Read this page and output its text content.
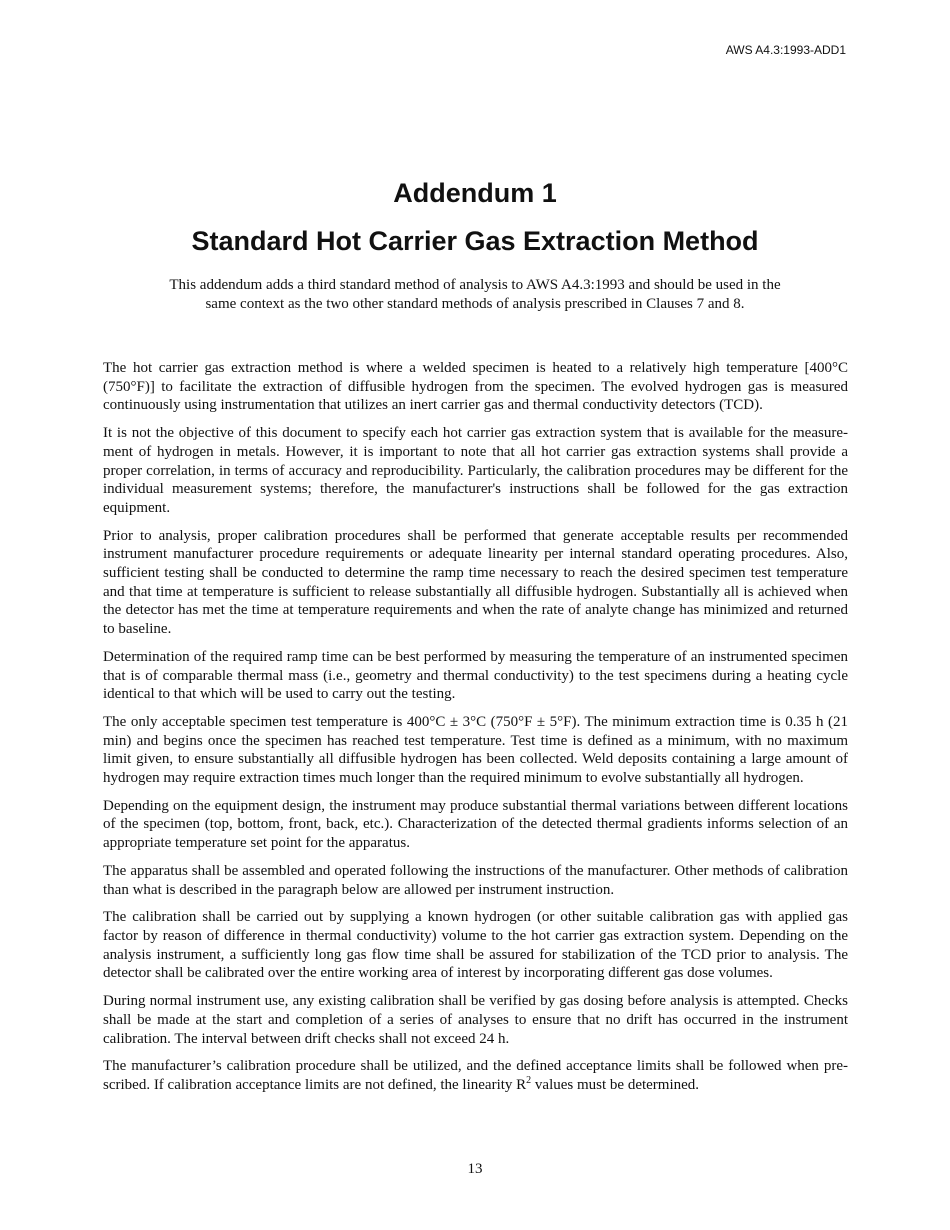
AWS A4.3:1993-ADD1
Addendum 1
Standard Hot Carrier Gas Extraction Method

This addendum adds a third standard method of analysis to AWS A4.3:1993 and should be used in the same context as the two other standard methods of analysis prescribed in Clauses 7 and 8.

The hot carrier gas extraction method is where a welded specimen is heated to a relatively high temperature [400°C (750°F)] to facilitate the extraction of diffusible hydrogen from the specimen. The evolved hydrogen gas is measured continuously using instrumentation that utilizes an inert carrier gas and thermal conductivity detectors (TCD).

It is not the objective of this document to specify each hot carrier gas extraction system that is available for the measurement of hydrogen in metals. However, it is important to note that all hot carrier gas extraction systems shall provide a proper correlation, in terms of accuracy and reproducibility. Particularly, the calibration procedures may be different for the individual measurement systems; therefore, the manufacturer's instructions shall be followed for the gas extraction equipment.

Prior to analysis, proper calibration procedures shall be performed that generate acceptable results per recommended instrument manufacturer procedure requirements or adequate linearity per internal standard operating procedures. Also, sufficient testing shall be conducted to determine the ramp time necessary to reach the desired specimen test temperature and that time at temperature is sufficient to release substantially all diffusible hydrogen. Substantially all is achieved when the detector has met the time at temperature requirements and when the rate of analyte change has minimized and returned to baseline.

Determination of the required ramp time can be best performed by measuring the temperature of an instrumented specimen that is of comparable thermal mass (i.e., geometry and thermal conductivity) to the test specimens during a heating cycle identical to that which will be used to carry out the testing.

The only acceptable specimen test temperature is 400°C ± 3°C (750°F ± 5°F). The minimum extraction time is 0.35 h (21 min) and begins once the specimen has reached test temperature. Test time is defined as a minimum, with no maximum limit given, to ensure substantially all diffusible hydrogen has been collected. Weld deposits containing a large amount of hydrogen may require extraction times much longer than the required minimum to evolve substantially all hydrogen.

Depending on the equipment design, the instrument may produce substantial thermal variations between different locations of the specimen (top, bottom, front, back, etc.). Characterization of the detected thermal gradients informs selection of an appropriate temperature set point for the apparatus.

The apparatus shall be assembled and operated following the instructions of the manufacturer. Other methods of calibration than what is described in the paragraph below are allowed per instrument instruction.

The calibration shall be carried out by supplying a known hydrogen (or other suitable calibration gas with applied gas factor by reason of difference in thermal conductivity) volume to the hot carrier gas extraction system. Depending on the analysis instrument, a sufficiently long gas flow time shall be assured for stabilization of the TCD prior to analysis. The detector shall be calibrated over the entire working area of interest by incorporating different gas dose volumes.

During normal instrument use, any existing calibration shall be verified by gas dosing before analysis is attempted. Checks shall be made at the start and completion of a series of analyses to ensure that no drift has occurred in the instrument calibration. The interval between drift checks shall not exceed 24 h.

The manufacturer’s calibration procedure shall be utilized, and the defined acceptance limits shall be followed when prescribed. If calibration acceptance limits are not defined, the linearity $R^2$ values must be determined.

13
